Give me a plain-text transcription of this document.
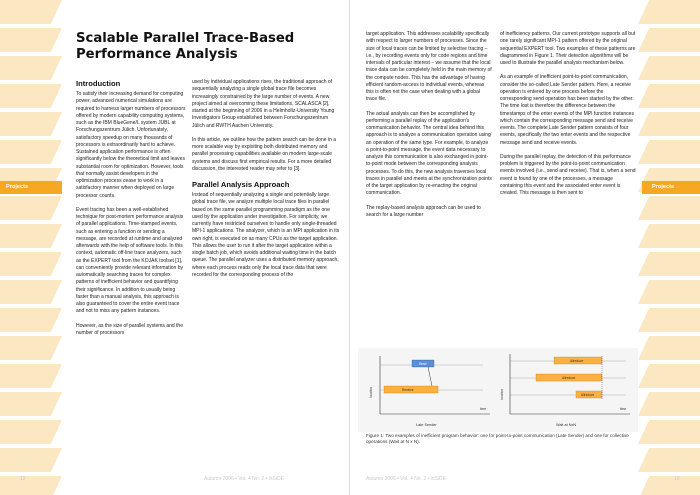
Projects
Scalable Parallel Trace-Based Performance Analysis
Introduction

To satisfy their increasing demand for computing power, advanced numerical simulations are required to harness larger numbers of processors offered by modern capability computing systems, such as the IBM BlueGene/L system JUBL at Forschungszentrum Jülich. Unfortunately, satisfactory speedup on many thousands of processors is extraordinarily hard to achieve. Sustained application performance is often significantly below the theoretical limit and leaves substantial room for optimization. However, tools that normally assist developers in the optimization process cease to work in a satisfactory manner when deployed on large processor counts.

Event tracing has been a well-established technique for post-mortem performance analysis of parallel applications. Time-stamped events, such as entering a function or sending a message, are recorded at runtime and analyzed afterwards with the help of software tools. In this context, automatic off-line trace analyzers, such as the EXPERT tool from the KOJAK toolset [1], can conveniently provide relevant information by automatically searching traces for complex patterns of inefficient behavior and quantifying their significance. In addition to usually being faster than a manual analysis, this approach is also guaranteed to cover the entire event trace and not to miss any pattern instances.

However, as the size of parallel systems and the number of processors

used by individual applications rises, the traditional approach of sequentially analyzing a single global trace file becomes increasingly constrained by the large number of events. A new project aimed at overcoming these limitations, SCALASCA [2], started at the beginning of 2006 in a Helmholtz-University Young Investigators Group established between Forschungszentrum Jülich and RWTH Aachen University.

In this article, we outline how the pattern search can be done in a more scalable way by exploiting both distributed memory and parallel processing capabilities available on modern large-scale systems and discuss first empirical results. For a more detailed discussion, the interested reader may refer to [3].

Parallel Analysis Approach

Instead of sequentially analyzing a single and potentially large global trace file, we analyze multiple local trace files in parallel based on the same parallel programming paradigm as the one used by the application under investigation. For simplicity, we currently have restricted ourselves to handle only single-threaded MPI-1 applications. The analyzer, which is an MPI application in its own right, is executed on as many CPUs as the target application. This allows the user to run it after the target application within a single batch job, which avoids additional waiting time in the batch queue. The parallel analyzer uses a distributed memory approach, where each process reads only the local trace data that were recorded for the corresponding process of the

12	Autumn 2006 • Vol. 4 No. 2 • inSiDE
Projects

target application. This addresses scalability specifically with respect to larger numbers of processes. Since the size of local traces can be limited by selective tracing – i.e., by recording events only for code regions and time intervals of particular interest – we assume that the local trace data can be completely held in the main memory of the compute nodes. This has the advantage of having efficient random-access to individual events, whereas this is often not the case when dealing with a global trace file.

The actual analysis can then be accomplished by performing a parallel replay of the application's communication behavior. The central idea behind this approach is to analyze a communication operation using an operation of the same type. For example, to analyze a point-to-point message, the event data necessary to analyze this communication is also exchanged in point-to-point mode between the corresponding analysis processes. To do this, the new analysis traverses local traces in parallel and meets at the synchronization points of the target application by re-enacting the original communication.

The replay-based analysis approach can be used to search for a large number

of inefficiency patterns. Our current prototype supports all but one rarely significant MPI-1 pattern offered by the original sequential EXPERT tool. Two examples of these patterns are diagrammed in Figure 1. Their detection algorithms will be used to illustrate the parallel analysis mechanism below.

As an example of inefficient point-to-point communication, consider the so-called Late Sender pattern. Here, a receive operation is entered by one process before the corresponding send operation has been started by the other. The time lost is therefore the difference between the timestamps of the enter events of the MPI function instances which contain the corresponding message send and receive events. The complete Late Sender pattern consists of four events, specifically the two enter events and the respective message send and receive events.

During the parallel replay, the detection of this performance problem is triggered by the point-to-point communication events involved (i.e., send and receive). That is, when a send event is found by one of the processes, a message containing this event and the associated enter event is created. This message is then sent to

Autumn 2006 • Vol. 4 No. 2 • inSiDE	13
location
time
Send
Receive
Late Sender
location
time
Allreduce
Allreduce
Allreduce
Wait at NxN
Figure 1: Two examples of inefficient program behavior: one for point-to-point communication (Late Sender) and one for collective operations (Wait at N x N).
